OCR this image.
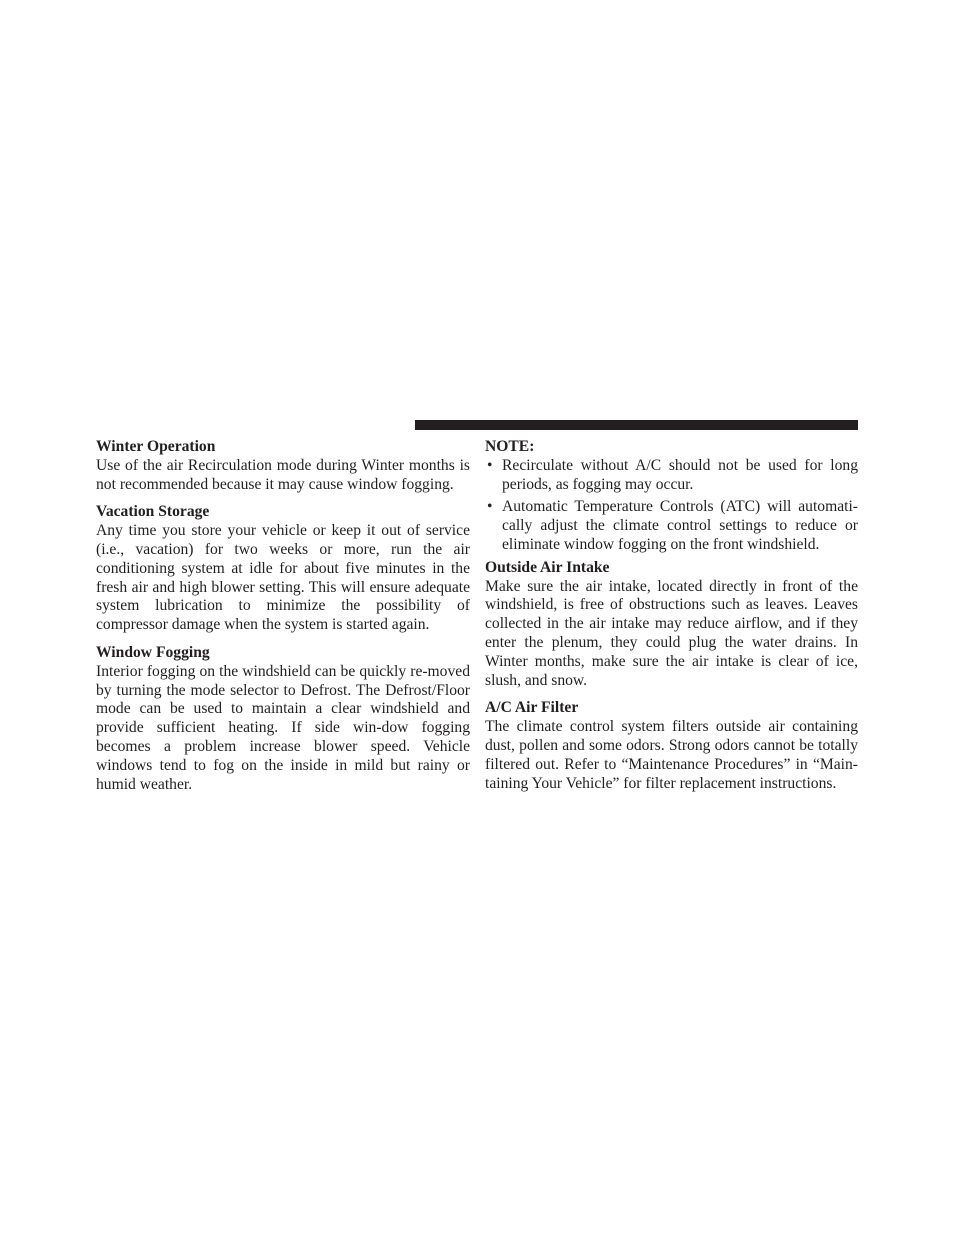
Winter Operation

Use of the air Recirculation mode during Winter months is not recommended because it may cause window fogging.

Vacation Storage

Any time you store your vehicle or keep it out of service (i.e., vacation) for two weeks or more, run the air conditioning system at idle for about five minutes in the fresh air and high blower setting. This will ensure adequate system lubrication to minimize the possibility of compressor damage when the system is started again.

Window Fogging

Interior fogging on the windshield can be quickly re-moved by turning the mode selector to Defrost. The Defrost/Floor mode can be used to maintain a clear windshield and provide sufficient heating. If side win-dow fogging becomes a problem increase blower speed. Vehicle windows tend to fog on the inside in mild but rainy or humid weather.

NOTE:

• Recirculate without A/C should not be used for long periods, as fogging may occur.
• Automatic Temperature Controls (ATC) will automati-cally adjust the climate control settings to reduce or eliminate window fogging on the front windshield.

Outside Air Intake

Make sure the air intake, located directly in front of the windshield, is free of obstructions such as leaves. Leaves collected in the air intake may reduce airflow, and if they enter the plenum, they could plug the water drains. In Winter months, make sure the air intake is clear of ice, slush, and snow.

A/C Air Filter

The climate control system filters outside air containing dust, pollen and some odors. Strong odors cannot be totally filtered out. Refer to “Maintenance Procedures” in “Main-taining Your Vehicle” for filter replacement instructions.
